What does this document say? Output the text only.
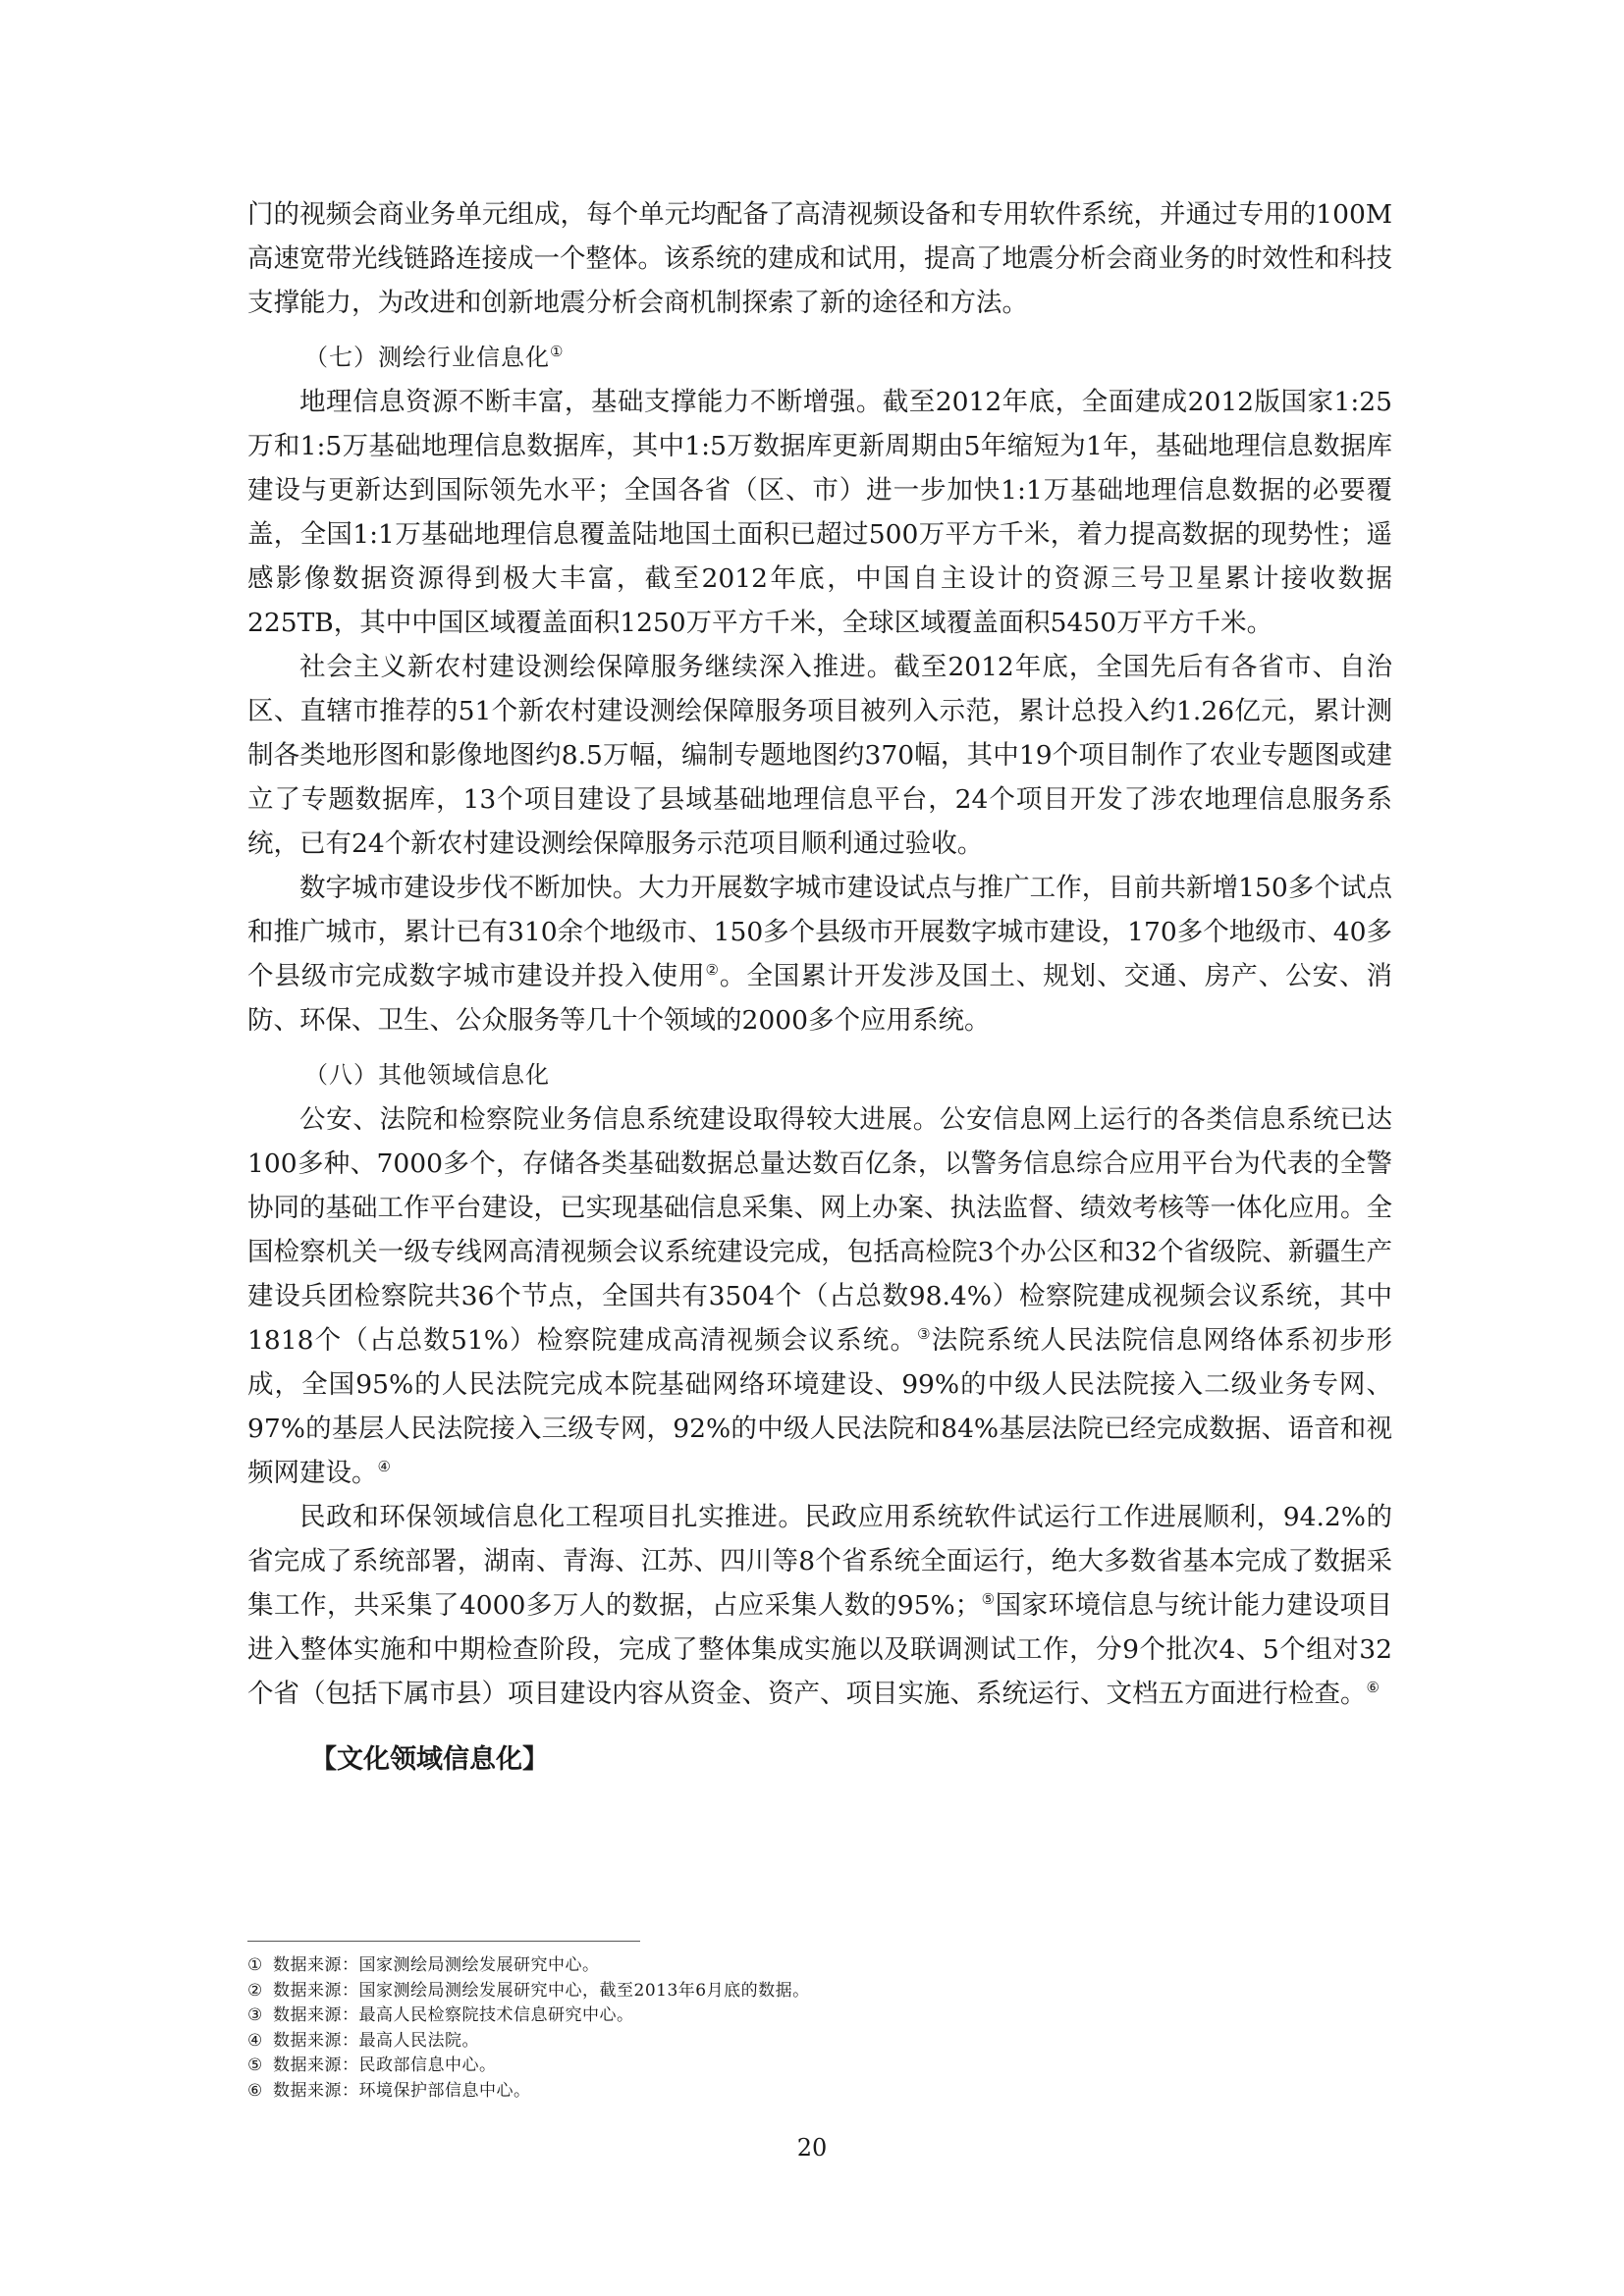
门的视频会商业务单元组成，每个单元均配备了高清视频设备和专用软件系统，并通过专用的100M高速宽带光线链路连接成一个整体。该系统的建成和试用，提高了地震分析会商业务的时效性和科技支撑能力，为改进和创新地震分析会商机制探索了新的途径和方法。

（七）测绘行业信息化①

地理信息资源不断丰富，基础支撑能力不断增强。截至2012年底，全面建成2012版国家1:25万和1:5万基础地理信息数据库，其中1:5万数据库更新周期由5年缩短为1年，基础地理信息数据库建设与更新达到国际领先水平；全国各省（区、市）进一步加快1:1万基础地理信息数据的必要覆盖，全国1:1万基础地理信息覆盖陆地国土面积已超过500万平方千米，着力提高数据的现势性；遥感影像数据资源得到极大丰富，截至2012年底，中国自主设计的资源三号卫星累计接收数据225TB，其中中国区域覆盖面积1250万平方千米，全球区域覆盖面积5450万平方千米。

社会主义新农村建设测绘保障服务继续深入推进。截至2012年底，全国先后有各省市、自治区、直辖市推荐的51个新农村建设测绘保障服务项目被列入示范，累计总投入约1.26亿元，累计测制各类地形图和影像地图约8.5万幅，编制专题地图约370幅，其中19个项目制作了农业专题图或建立了专题数据库，13个项目建设了县域基础地理信息平台，24个项目开发了涉农地理信息服务系统，已有24个新农村建设测绘保障服务示范项目顺利通过验收。

数字城市建设步伐不断加快。大力开展数字城市建设试点与推广工作，目前共新增150多个试点和推广城市，累计已有310余个地级市、150多个县级市开展数字城市建设，170多个地级市、40多个县级市完成数字城市建设并投入使用②。全国累计开发涉及国土、规划、交通、房产、公安、消防、环保、卫生、公众服务等几十个领域的2000多个应用系统。

（八）其他领域信息化

公安、法院和检察院业务信息系统建设取得较大进展。公安信息网上运行的各类信息系统已达100多种、7000多个，存储各类基础数据总量达数百亿条，以警务信息综合应用平台为代表的全警协同的基础工作平台建设，已实现基础信息采集、网上办案、执法监督、绩效考核等一体化应用。全国检察机关一级专线网高清视频会议系统建设完成，包括高检院3个办公区和32个省级院、新疆生产建设兵团检察院共36个节点，全国共有3504个（占总数98.4%）检察院建成视频会议系统，其中1818个（占总数51%）检察院建成高清视频会议系统。③法院系统人民法院信息网络体系初步形成，全国95%的人民法院完成本院基础网络环境建设、99%的中级人民法院接入二级业务专网、97%的基层人民法院接入三级专网，92%的中级人民法院和84%基层法院已经完成数据、语音和视频网建设。④

民政和环保领域信息化工程项目扎实推进。民政应用系统软件试运行工作进展顺利，94.2%的省完成了系统部署，湖南、青海、江苏、四川等8个省系统全面运行，绝大多数省基本完成了数据采集工作，共采集了4000多万人的数据，占应采集人数的95%；⑤国家环境信息与统计能力建设项目进入整体实施和中期检查阶段，完成了整体集成实施以及联调测试工作，分9个批次4、5个组对32个省（包括下属市县）项目建设内容从资金、资产、项目实施、系统运行、文档五方面进行检查。⑥

【文化领域信息化】
① 数据来源：国家测绘局测绘发展研究中心。
② 数据来源：国家测绘局测绘发展研究中心，截至2013年6月底的数据。
③ 数据来源：最高人民检察院技术信息研究中心。
④ 数据来源：最高人民法院。
⑤ 数据来源：民政部信息中心。
⑥ 数据来源：环境保护部信息中心。
20
